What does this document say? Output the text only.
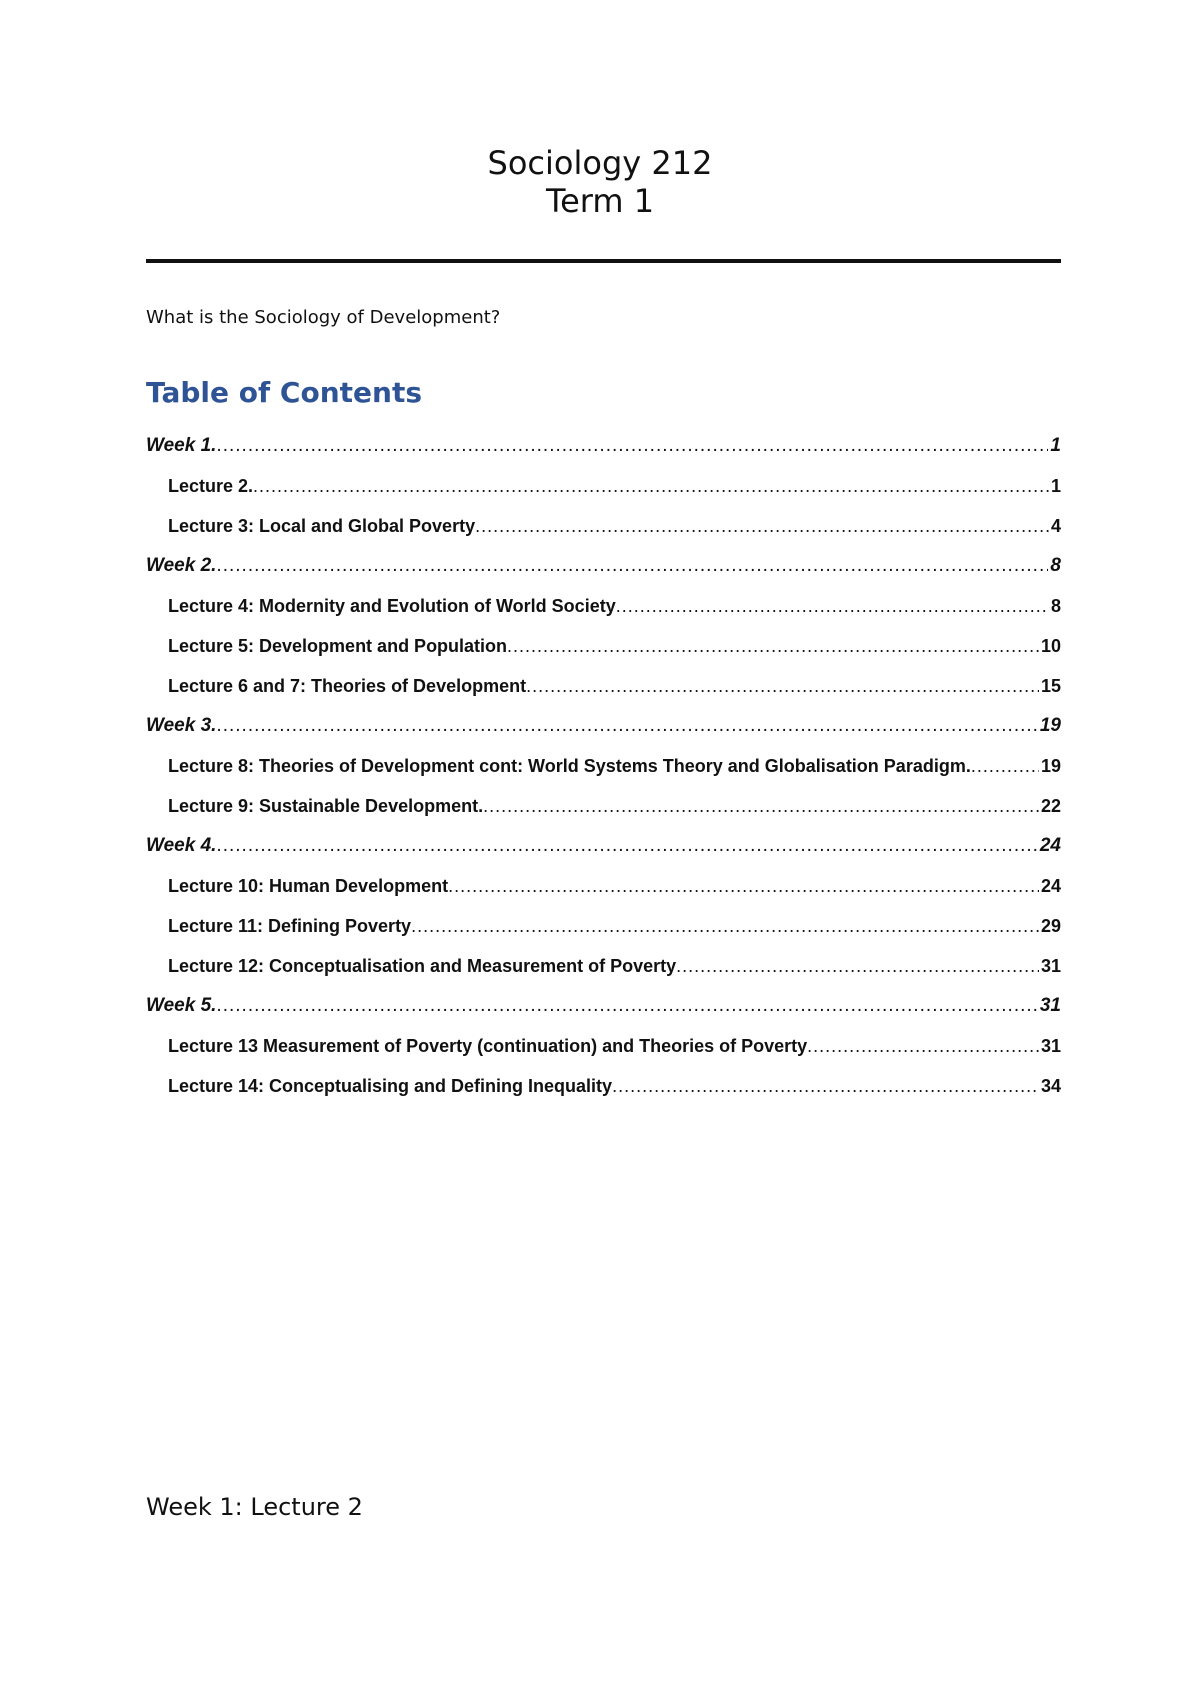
Sociology 212
Term 1
What is the Sociology of Development?
Table of Contents
Week 1. .....	1
Lecture 2. .....	1
Lecture 3: Local and Global Poverty .....	4
Week 2. .....	8
Lecture 4: Modernity and Evolution of World Society .....	8
Lecture 5: Development and Population .....	10
Lecture 6 and 7: Theories of Development .....	15
Week 3. .....	19
Lecture 8: Theories of Development cont: World Systems Theory and Globalisation Paradigm. .....	19
Lecture 9: Sustainable Development. .....	22
Week 4. .....	24
Lecture 10: Human Development .....	24
Lecture 11: Defining Poverty .....	29
Lecture 12: Conceptualisation and Measurement of Poverty .....	31
Week 5. .....	31
Lecture 13 Measurement of Poverty (continuation) and Theories of Poverty .....	31
Lecture 14: Conceptualising and Defining Inequality .....	34
Week 1: Lecture 2
